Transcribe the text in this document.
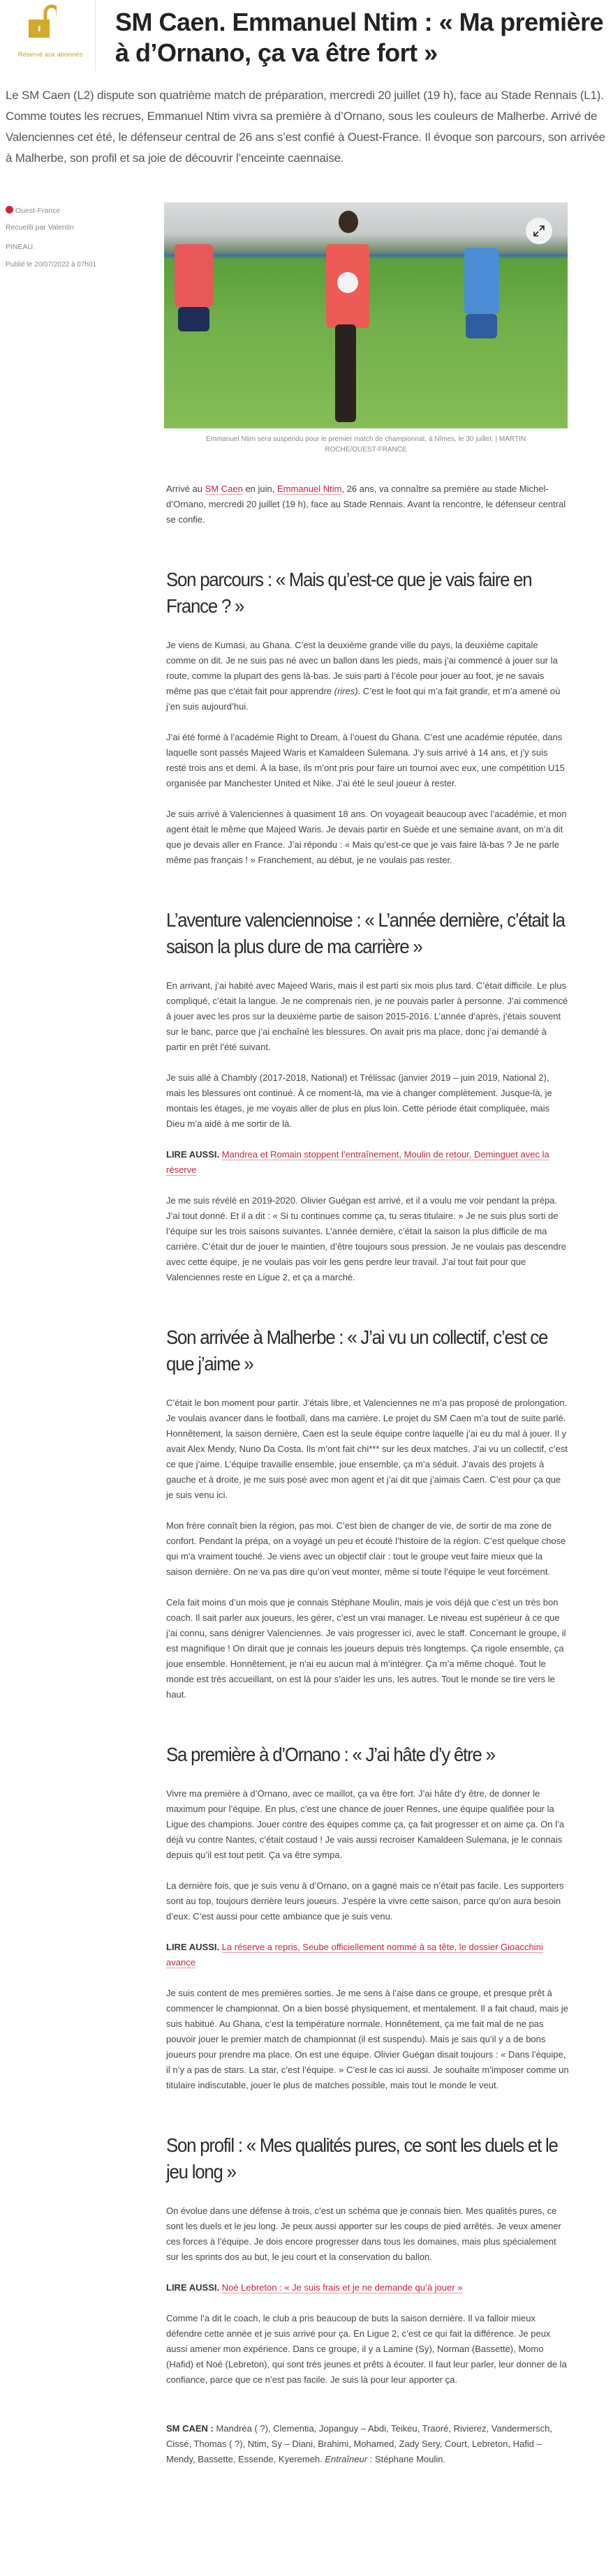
Réservé aux abonnés
SM Caen. Emmanuel Ntim : « Ma première à d’Ornano, ça va être fort »

Le SM Caen (L2) dispute son quatrième match de préparation, mercredi 20 juillet (19 h), face au Stade Rennais (L1). Comme toutes les recrues, Emmanuel Ntim vivra sa première à d’Ornano, sous les couleurs de Malherbe. Arrivé de Valenciennes cet été, le défenseur central de 26 ans s’est confié à Ouest-France. Il évoque son parcours, son arrivée à Malherbe, son profil et sa joie de découvrir l’enceinte caennaise.

Ouest-France
Recueilli par Valentin PINEAU.
Publié le 20/07/2022 à 07h01
Emmanuel Ntim sera suspendu pour le premier match de championnat, à Nîmes, le 30 juillet. | MARTIN ROCHE/OUEST-FRANCE

Arrivé au SM Caen en juin, Emmanuel Ntim, 26 ans, va connaître sa première au stade Michel-d’Ornano, mercredi 20 juillet (19 h), face au Stade Rennais. Avant la rencontre, le défenseur central se confie.

Son parcours : « Mais qu’est-ce que je vais faire en France ? »

Je viens de Kumasi, au Ghana. C’est la deuxième grande ville du pays, la deuxième capitale comme on dit. Je ne suis pas né avec un ballon dans les pieds, mais j’ai commencé à jouer sur la route, comme la plupart des gens là-bas. Je suis parti à l’école pour jouer au foot, je ne savais même pas que c’était fait pour apprendre (rires). C’est le foot qui m’a fait grandir, et m’a amené où j’en suis aujourd’hui.

J’ai été formé à l’académie Right to Dream, à l’ouest du Ghana. C’est une académie réputée, dans laquelle sont passés Majeed Waris et Kamaldeen Sulemana. J’y suis arrivé à 14 ans, et j’y suis resté trois ans et demi. À la base, ils m’ont pris pour faire un tournoi avec eux, une compétition U15 organisée par Manchester United et Nike. J’ai été le seul joueur à rester.

Je suis arrivé à Valenciennes à quasiment 18 ans. On voyageait beaucoup avec l’académie, et mon agent était le même que Majeed Waris. Je devais partir en Suède et une semaine avant, on m’a dit que je devais aller en France. J’ai répondu : « Mais qu’est-ce que je vais faire là-bas ? Je ne parle même pas français ! » Franchement, au début, je ne voulais pas rester.

L’aventure valenciennoise : « L’année dernière, c’était la saison la plus dure de ma carrière »

En arrivant, j’ai habité avec Majeed Waris, mais il est parti six mois plus tard. C’était difficile. Le plus compliqué, c’était la langue. Je ne comprenais rien, je ne pouvais parler à personne. J’ai commencé à jouer avec les pros sur la deuxième partie de saison 2015-2016. L’année d’après, j’étais souvent sur le banc, parce que j’ai enchaîné les blessures. On avait pris ma place, donc j’ai demandé à partir en prêt l’été suivant.

Je suis allé à Chambly (2017-2018, National) et Trélissac (janvier 2019 – juin 2019, National 2), mais les blessures ont continué. À ce moment-là, ma vie à changer complètement. Jusque-là, je montais les étages, je me voyais aller de plus en plus loin. Cette période était compliquée, mais Dieu m’a aidé à me sortir de là.

LIRE AUSSI. Mandrea et Romain stoppent l’entraînement, Moulin de retour, Deminguet avec la réserve

Je me suis révélé en 2019-2020. Olivier Guégan est arrivé, et il a voulu me voir pendant la prépa. J’ai tout donné. Et il a dit : « Si tu continues comme ça, tu seras titulaire. » Je ne suis plus sorti de l’équipe sur les trois saisons suivantes. L’année dernière, c’était la saison la plus difficile de ma carrière. C’était dur de jouer le maintien, d’être toujours sous pression. Je ne voulais pas descendre avec cette équipe, je ne voulais pas voir les gens perdre leur travail. J’ai tout fait pour que Valenciennes reste en Ligue 2, et ça a marché.

Son arrivée à Malherbe : « J’ai vu un collectif, c’est ce que j’aime »

C’était le bon moment pour partir. J’étais libre, et Valenciennes ne m’a pas proposé de prolongation. Je voulais avancer dans le football, dans ma carrière. Le projet du SM Caen m’a tout de suite parlé. Honnêtement, la saison dernière, Caen est la seule équipe contre laquelle j’ai eu du mal à jouer. Il y avait Alex Mendy, Nuno Da Costa. Ils m’ont fait chi*** sur les deux matches. J’ai vu un collectif, c’est ce que j’aime. L’équipe travaille ensemble, joue ensemble, ça m’a séduit. J’avais des projets à gauche et à droite, je me suis posé avec mon agent et j’ai dit que j’aimais Caen. C’est pour ça que je suis venu ici.

Mon frère connaît bien la région, pas moi. C’est bien de changer de vie, de sortir de ma zone de confort. Pendant la prépa, on a voyagé un peu et écouté l’histoire de la région. C’est quelque chose qui m’a vraiment touché. Je viens avec un objectif clair : tout le groupe veut faire mieux que la saison dernière. On ne va pas dire qu’on veut monter, même si toute l’équipe le veut forcément.

Cela fait moins d’un mois que je connais Stéphane Moulin, mais je vois déjà que c’est un très bon coach. Il sait parler aux joueurs, les gérer, c’est un vrai manager. Le niveau est supérieur à ce que j’ai connu, sans dénigrer Valenciennes. Je vais progresser ici, avec le staff. Concernant le groupe, il est magnifique ! On dirait que je connais les joueurs depuis très longtemps. Ça rigole ensemble, ça joue ensemble. Honnêtement, je n’ai eu aucun mal à m’intégrer. Ça m’a même choqué. Tout le monde est très accueillant, on est là pour s’aider les uns, les autres. Tout le monde se tire vers le haut.

Sa première à d’Ornano : « J’ai hâte d’y être »

Vivre ma première à d’Ornano, avec ce maillot, ça va être fort. J’ai hâte d’y être, de donner le maximum pour l’équipe. En plus, c’est une chance de jouer Rennes, une équipe qualifiée pour la Ligue des champions. Jouer contre des équipes comme ça, ça fait progresser et on aime ça. On l’a déjà vu contre Nantes, c’était costaud ! Je vais aussi recroiser Kamaldeen Sulemana, je le connais depuis qu’il est tout petit. Ça va être sympa.

La dernière fois, que je suis venu à d’Ornano, on a gagné mais ce n’était pas facile. Les supporters sont au top, toujours derrière leurs joueurs. J’espère la vivre cette saison, parce qu’on aura besoin d’eux. C’est aussi pour cette ambiance que je suis venu.

LIRE AUSSI. La réserve a repris, Seube officiellement nommé à sa tête, le dossier Gioacchini avance

Je suis content de mes premières sorties. Je me sens à l’aise dans ce groupe, et presque prêt à commencer le championnat. On a bien bossé physiquement, et mentalement. Il a fait chaud, mais je suis habitué. Au Ghana, c’est la température normale. Honnêtement, ça me fait mal de ne pas pouvoir jouer le premier match de championnat (il est suspendu). Mais je sais qu’il y a de bons joueurs pour prendre ma place. On est une équipe. Olivier Guégan disait toujours : « Dans l’équipe, il n’y a pas de stars. La star, c’est l’équipe. » C’est le cas ici aussi. Je souhaite m’imposer comme un titulaire indiscutable, jouer le plus de matches possible, mais tout le monde le veut.

Son profil : « Mes qualités pures, ce sont les duels et le jeu long »

On évolue dans une défense à trois, c’est un schéma que je connais bien. Mes qualités pures, ce sont les duels et le jeu long. Je peux aussi apporter sur les coups de pied arrêtés. Je veux amener ces forces à l’équipe. Je dois encore progresser dans tous les domaines, mais plus spécialement sur les sprints dos au but, le jeu court et la conservation du ballon.

LIRE AUSSI. Noé Lebreton : « Je suis frais et je ne demande qu’à jouer »

Comme l’a dit le coach, le club a pris beaucoup de buts la saison dernière. Il va falloir mieux défendre cette année et je suis arrivé pour ça. En Ligue 2, c’est ce qui fait la différence. Je peux aussi amener mon expérience. Dans ce groupe, il y a Lamine (Sy), Norman (Bassette), Momo (Hafid) et Noé (Lebreton), qui sont très jeunes et prêts à écouter. Il faut leur parler, leur donner de la confiance, parce que ce n’est pas facile. Je suis là pour leur apporter ça.

SM CAEN : Mandréa ( ?), Clementia, Jopanguy – Abdi, Teikeu, Traoré, Rivierez, Vandermersch, Cissé, Thomas ( ?), Ntim, Sy – Diani, Brahimi, Mohamed, Zady Sery, Court, Lebreton, Hafid – Mendy, Bassette, Essende, Kyeremeh. Entraîneur : Stéphane Moulin.
